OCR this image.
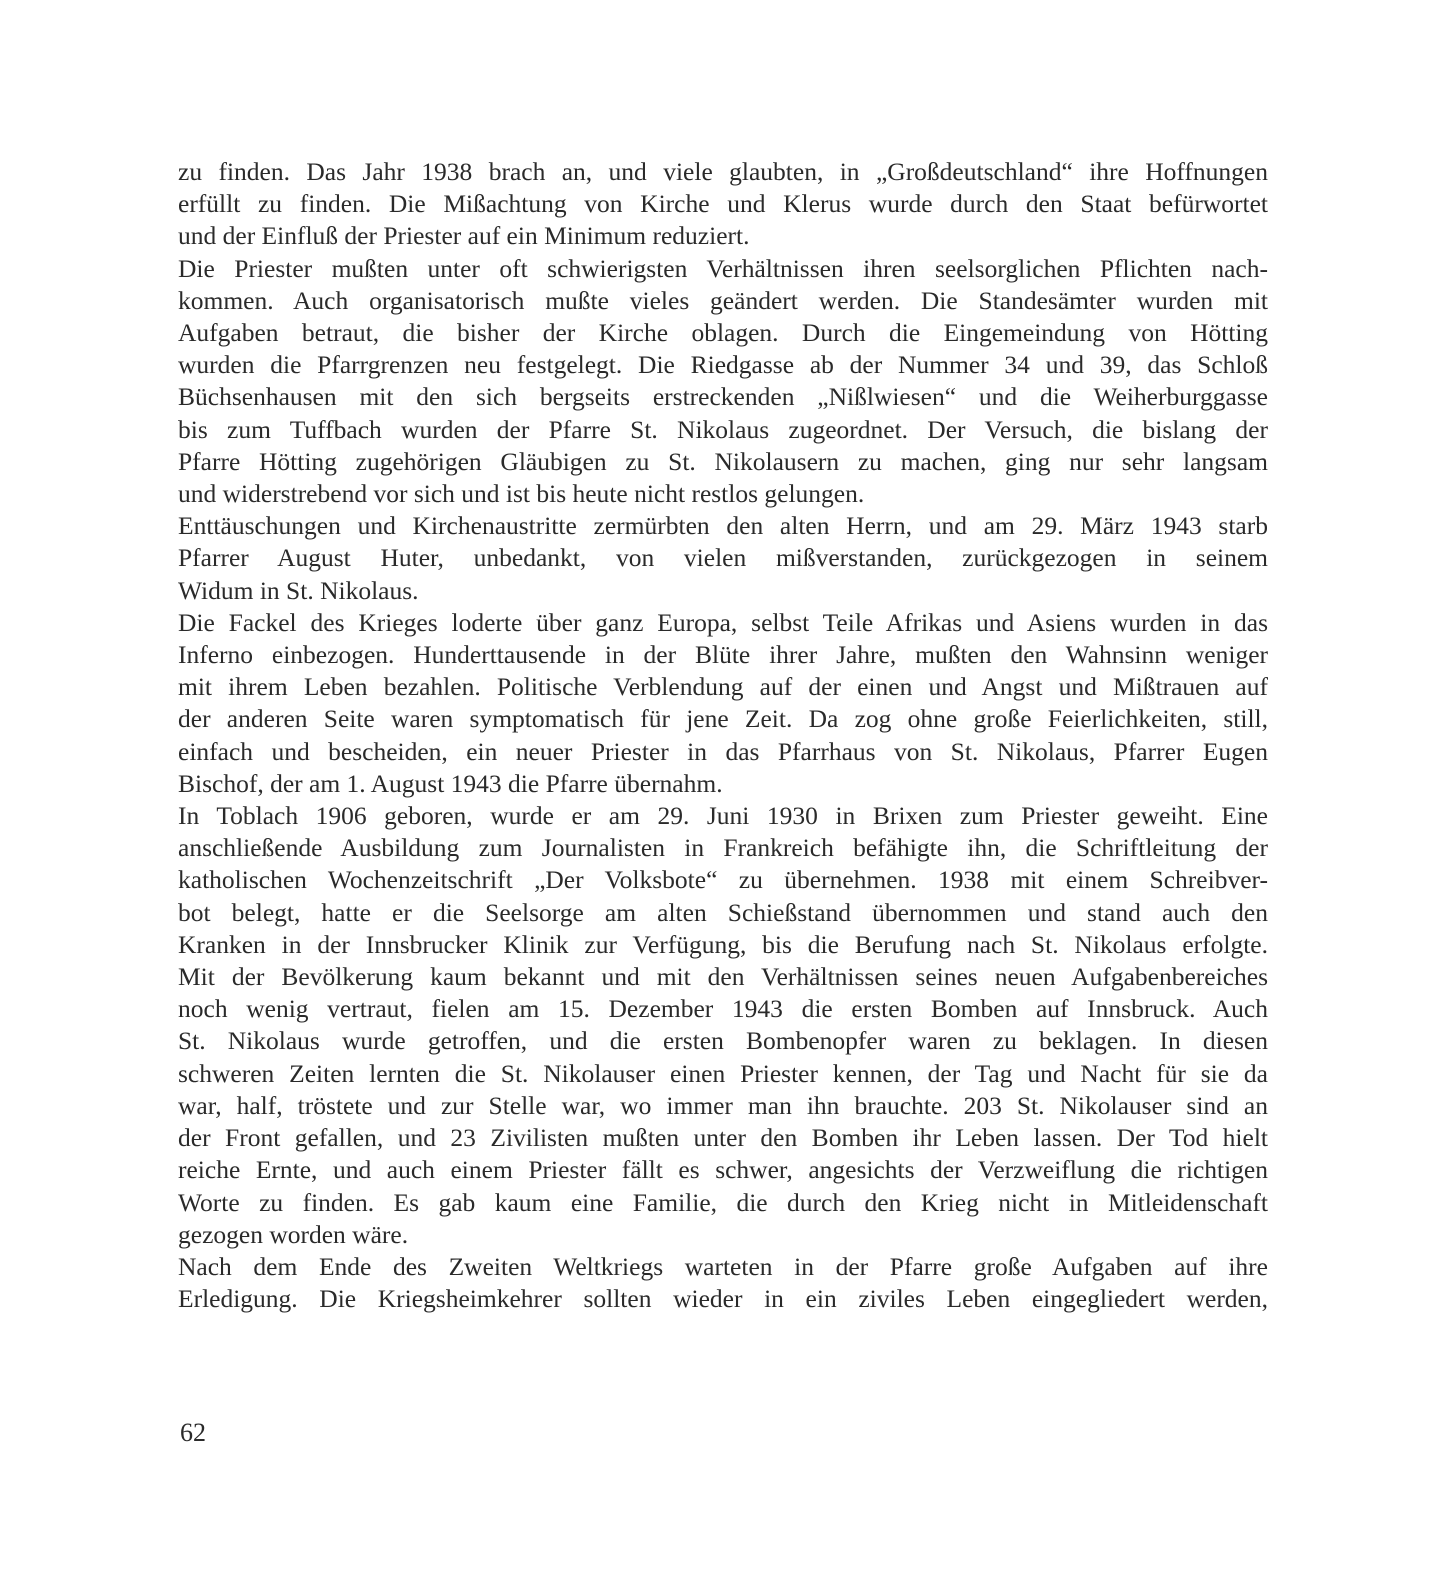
zu finden. Das Jahr 1938 brach an, und viele glaubten, in „Großdeutschland“ ihre Hoffnungen
erfüllt zu finden. Die Mißachtung von Kirche und Klerus wurde durch den Staat befürwortet
und der Einfluß der Priester auf ein Minimum reduziert.
Die Priester mußten unter oft schwierigsten Verhältnissen ihren seelsorglichen Pflichten nach-
kommen. Auch organisatorisch mußte vieles geändert werden. Die Standesämter wurden mit
Aufgaben betraut, die bisher der Kirche oblagen. Durch die Eingemeindung von Hötting
wurden die Pfarrgrenzen neu festgelegt. Die Riedgasse ab der Nummer 34 und 39, das Schloß
Büchsenhausen mit den sich bergseits erstreckenden „Nißlwiesen“ und die Weiherburggasse
bis zum Tuffbach wurden der Pfarre St. Nikolaus zugeordnet. Der Versuch, die bislang der
Pfarre Hötting zugehörigen Gläubigen zu St. Nikolausern zu machen, ging nur sehr langsam
und widerstrebend vor sich und ist bis heute nicht restlos gelungen.
Enttäuschungen und Kirchenaustritte zermürbten den alten Herrn, und am 29. März 1943 starb
Pfarrer August Huter, unbedankt, von vielen mißverstanden, zurückgezogen in seinem
Widum in St. Nikolaus.
Die Fackel des Krieges loderte über ganz Europa, selbst Teile Afrikas und Asiens wurden in das
Inferno einbezogen. Hunderttausende in der Blüte ihrer Jahre, mußten den Wahnsinn weniger
mit ihrem Leben bezahlen. Politische Verblendung auf der einen und Angst und Mißtrauen auf
der anderen Seite waren symptomatisch für jene Zeit. Da zog ohne große Feierlichkeiten, still,
einfach und bescheiden, ein neuer Priester in das Pfarrhaus von St. Nikolaus, Pfarrer Eugen
Bischof, der am 1. August 1943 die Pfarre übernahm.
In Toblach 1906 geboren, wurde er am 29. Juni 1930 in Brixen zum Priester geweiht. Eine
anschließende Ausbildung zum Journalisten in Frankreich befähigte ihn, die Schriftleitung der
katholischen Wochenzeitschrift „Der Volksbote“ zu übernehmen. 1938 mit einem Schreibver-
bot belegt, hatte er die Seelsorge am alten Schießstand übernommen und stand auch den
Kranken in der Innsbrucker Klinik zur Verfügung, bis die Berufung nach St. Nikolaus erfolgte.
Mit der Bevölkerung kaum bekannt und mit den Verhältnissen seines neuen Aufgabenbereiches
noch wenig vertraut, fielen am 15. Dezember 1943 die ersten Bomben auf Innsbruck. Auch
St. Nikolaus wurde getroffen, und die ersten Bombenopfer waren zu beklagen. In diesen
schweren Zeiten lernten die St. Nikolauser einen Priester kennen, der Tag und Nacht für sie da
war, half, tröstete und zur Stelle war, wo immer man ihn brauchte. 203 St. Nikolauser sind an
der Front gefallen, und 23 Zivilisten mußten unter den Bomben ihr Leben lassen. Der Tod hielt
reiche Ernte, und auch einem Priester fällt es schwer, angesichts der Verzweiflung die richtigen
Worte zu finden. Es gab kaum eine Familie, die durch den Krieg nicht in Mitleidenschaft
gezogen worden wäre.
Nach dem Ende des Zweiten Weltkriegs warteten in der Pfarre große Aufgaben auf ihre
Erledigung. Die Kriegsheimkehrer sollten wieder in ein ziviles Leben eingegliedert werden,
62
